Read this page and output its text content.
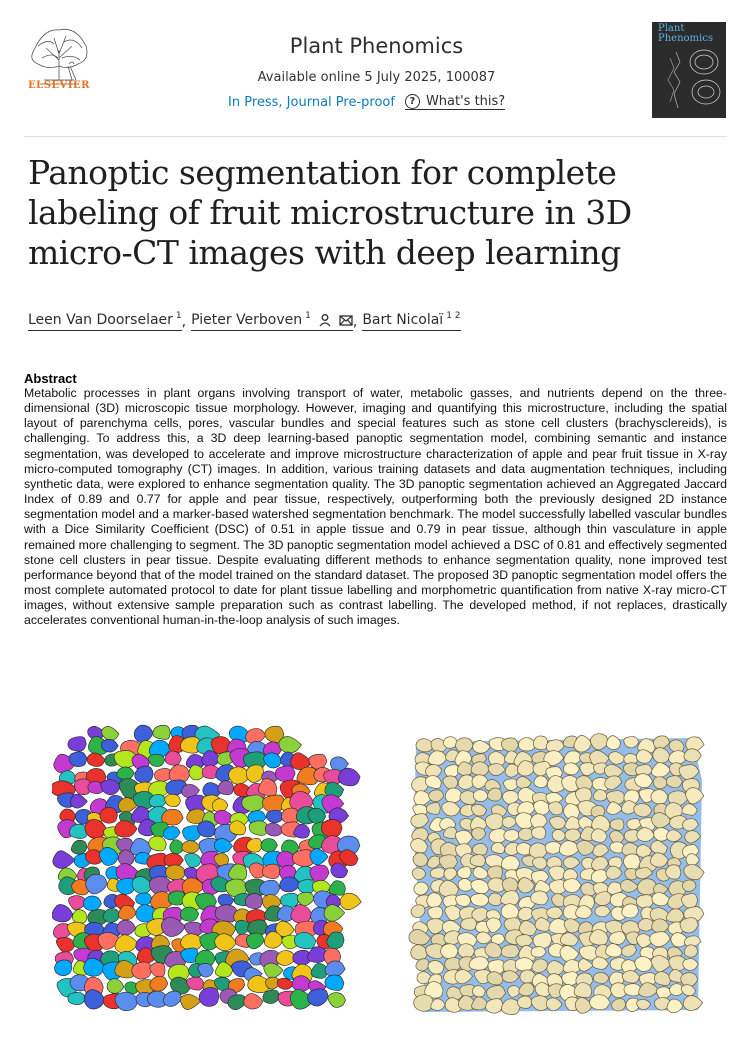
ELSEVIER
Plant Phenomics
Available online 5 July 2025, 100087
In Press, Journal Pre-proof	? What's this?
Plant Phenomics
Panoptic segmentation for complete labeling of fruit microstructure in 3D micro-CT images with deep learning
Leen Van Doorselaer $^1$ , Pieter Verboven $^1$	, Bart Nicolaï $^{1 2}$
Abstract

Metabolic processes in plant organs involving transport of water, metabolic gasses, and nutrients depend on the three-dimensional (3D) microscopic tissue morphology. However, imaging and quantifying this microstructure, including the spatial layout of parenchyma cells, pores, vascular bundles and special features such as stone cell clusters (brachysclereids), is challenging. To address this, a 3D deep learning-based panoptic segmentation model, combining semantic and instance segmentation, was developed to accelerate and improve microstructure characterization of apple and pear fruit tissue in X-ray micro-computed tomography (CT) images. In addition, various training datasets and data augmentation techniques, including synthetic data, were explored to enhance segmentation quality. The 3D panoptic segmentation achieved an Aggregated Jaccard Index of 0.89 and 0.77 for apple and pear tissue, respectively, outperforming both the previously designed 2D instance segmentation model and a marker-based watershed segmentation benchmark. The model successfully labelled vascular bundles with a Dice Similarity Coefficient (DSC) of 0.51 in apple tissue and 0.79 in pear tissue, although thin vasculature in apple remained more challenging to segment. The 3D panoptic segmentation model achieved a DSC of 0.81 and effectively segmented stone cell clusters in pear tissue. Despite evaluating different methods to enhance segmentation quality, none improved test performance beyond that of the model trained on the standard dataset. The proposed 3D panoptic segmentation model offers the most complete automated protocol to date for plant tissue labelling and morphometric quantification from native X-ray micro-CT images, without extensive sample preparation such as contrast labelling. The developed method, if not replaces, drastically accelerates conventional human-in-the-loop analysis of such images.
